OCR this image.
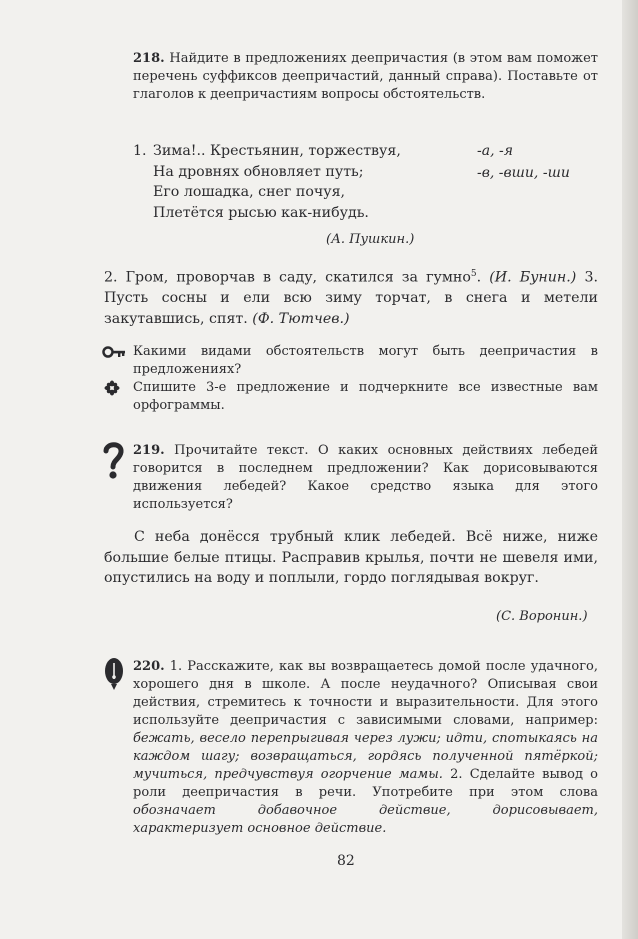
218. Найдите в предложениях деепричастия (в этом вам поможет перечень суффиксов деепричастий, данный справа). Поставьте от глаголов к деепричастиям вопросы обстоятельств.
1. Зима!.. Крестьянин, торжествуя,
На дровнях обновляет путь;
Его лошадка, снег почуя,
Плетётся рысью как-нибудь.
-а, -я
-в, -вши, -ши
(А. Пушкин.)
2. Гром, проворчав в саду, скатился за гумно$^5$. (И. Бунин.) 3. Пусть сосны и ели всю зиму торчат, в снега и метели закутавшись, спят. (Ф. Тютчев.)
Какими видами обстоятельств могут быть деепричастия в предложениях?
Спишите 3-е предложение и подчеркните все известные вам орфограммы.
219. Прочитайте текст. О каких основных действиях лебедей говорится в последнем предложении? Как дорисовываются движения лебедей? Какое средство языка для этого используется?
С неба донёсся трубный клик лебедей. Всё ниже, ниже большие белые птицы. Расправив крылья, почти не шевеля ими, опустились на воду и поплыли, гордо поглядывая вокруг.
(С. Воронин.)
220. 1. Расскажите, как вы возвращаетесь домой после удачного, хорошего дня в школе. А после неудачного? Описывая свои действия, стремитесь к точности и выразительности. Для этого используйте деепричастия с зависимыми словами, например: бежать, весело перепрыгивая через лужи; идти, спотыкаясь на каждом шагу; возвращаться, гордясь полученной пятёркой; мучиться, предчувствуя огорчение мамы. 2. Сделайте вывод о роли деепричастия в речи. Употребите при этом слова обозначает добавочное действие, дорисовывает, характеризует основное действие.
82
